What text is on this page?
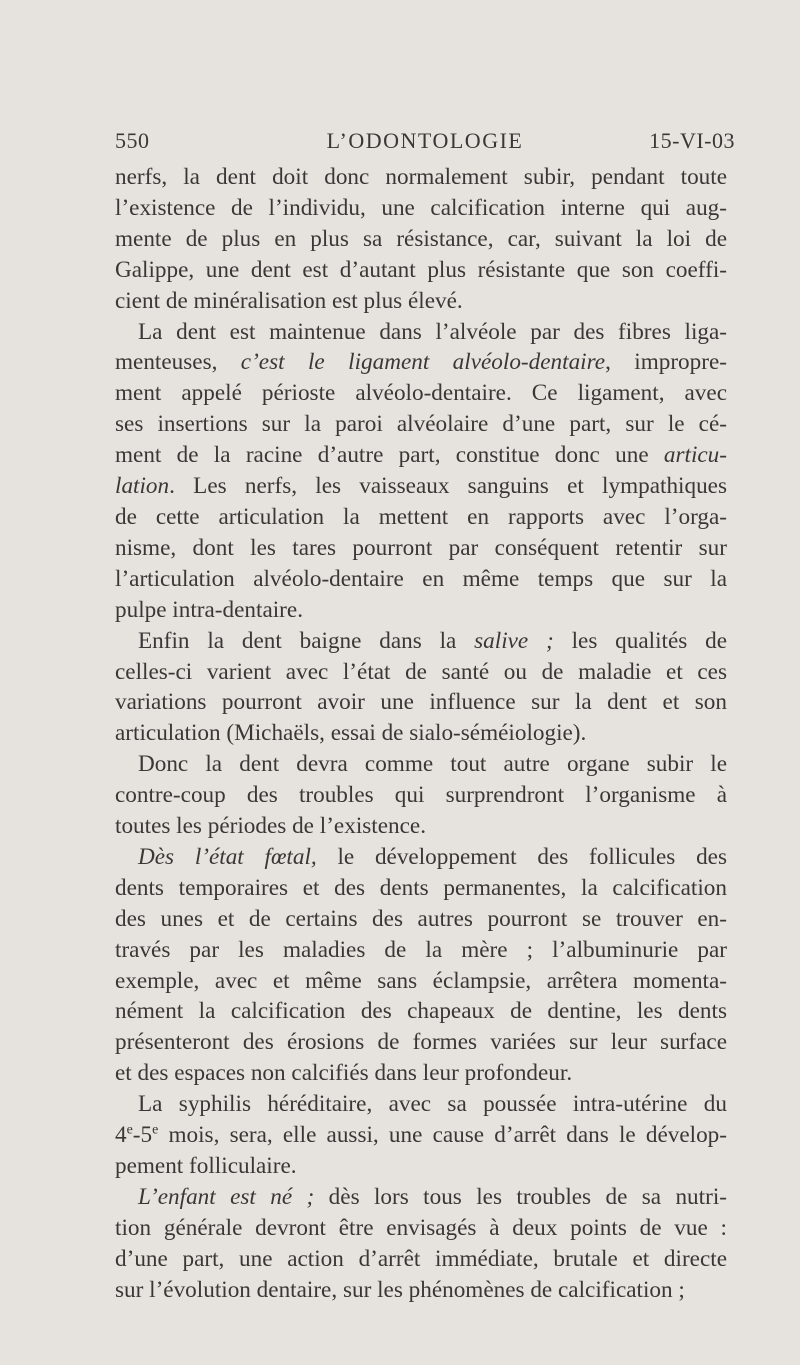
550	L’ODONTOLOGIE	15-VI-03

nerfs, la dent doit donc normalement subir, pendant toute
l’existence de l’individu, une calcification interne qui aug-
mente de plus en plus sa résistance, car, suivant la loi de
Galippe, une dent est d’autant plus résistante que son coeffi-
cient de minéralisation est plus élevé.

La dent est maintenue dans l’alvéole par des fibres liga-
menteuses, c’est le ligament alvéolo-dentaire, impropre-
ment appelé périoste alvéolo-dentaire. Ce ligament, avec
ses insertions sur la paroi alvéolaire d’une part, sur le cé-
ment de la racine d’autre part, constitue donc une articu-
lation. Les nerfs, les vaisseaux sanguins et lympathiques
de cette articulation la mettent en rapports avec l’orga-
nisme, dont les tares pourront par conséquent retentir sur
l’articulation alvéolo-dentaire en même temps que sur la
pulpe intra-dentaire.

Enfin la dent baigne dans la salive ; les qualités de
celles-ci varient avec l’état de santé ou de maladie et ces
variations pourront avoir une influence sur la dent et son
articulation (Michaëls, essai de sialo-séméiologie).

Donc la dent devra comme tout autre organe subir le
contre-coup des troubles qui surprendront l’organisme à
toutes les périodes de l’existence.

Dès l’état fœtal, le développement des follicules des
dents temporaires et des dents permanentes, la calcification
des unes et de certains des autres pourront se trouver en-
través par les maladies de la mère ; l’albuminurie par
exemple, avec et même sans éclampsie, arrêtera momenta-
nément la calcification des chapeaux de dentine, les dents
présenteront des érosions de formes variées sur leur surface
et des espaces non calcifiés dans leur profondeur.

La syphilis héréditaire, avec sa poussée intra-utérine du
4e-5e mois, sera, elle aussi, une cause d’arrêt dans le dévelop-
pement folliculaire.

L’enfant est né ; dès lors tous les troubles de sa nutri-
tion générale devront être envisagés à deux points de vue :
d’une part, une action d’arrêt immédiate, brutale et directe
sur l’évolution dentaire, sur les phénomènes de calcification ;
